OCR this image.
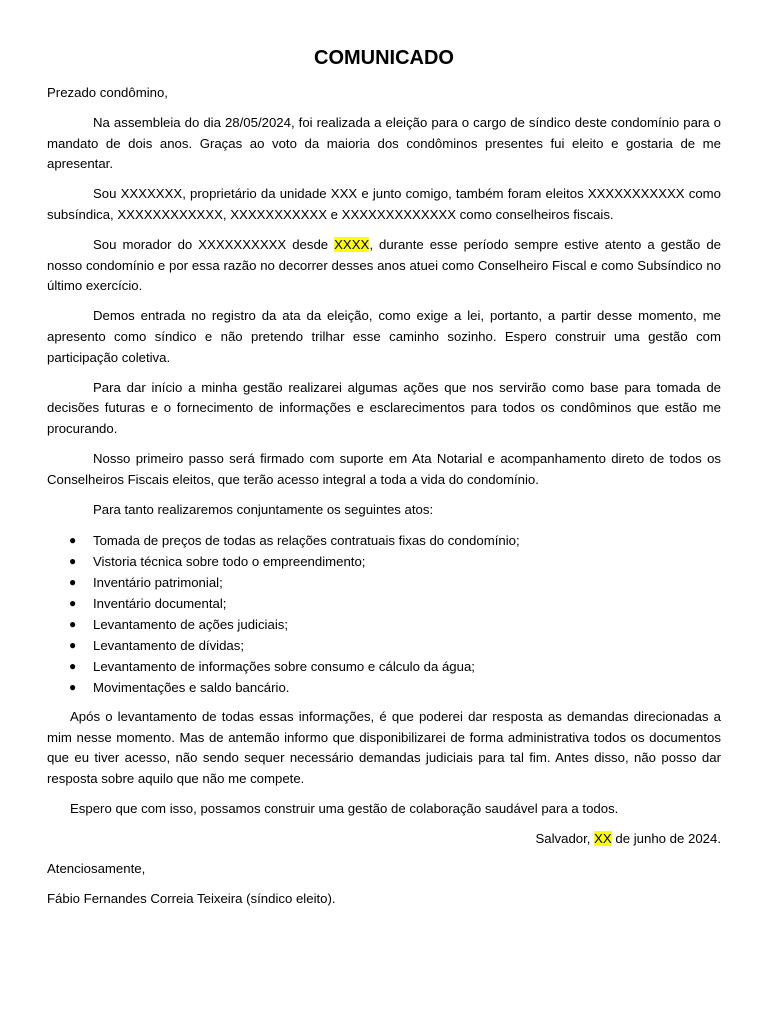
COMUNICADO

Prezado condômino,

Na assembleia do dia 28/05/2024, foi realizada a eleição para o cargo de síndico deste condomínio para o mandato de dois anos. Graças ao voto da maioria dos condôminos presentes fui eleito e gostaria de me apresentar.

Sou XXXXXXX, proprietário da unidade XXX e junto comigo, também foram eleitos XXXXXXXXXXX como subsíndica, XXXXXXXXXXXX, XXXXXXXXXXX e XXXXXXXXXXXXX como conselheiros fiscais.

Sou morador do XXXXXXXXXX desde XXXX, durante esse período sempre estive atento a gestão de nosso condomínio e por essa razão no decorrer desses anos atuei como Conselheiro Fiscal e como Subsíndico no último exercício.

Demos entrada no registro da ata da eleição, como exige a lei, portanto, a partir desse momento, me apresento como síndico e não pretendo trilhar esse caminho sozinho. Espero construir uma gestão com participação coletiva.

Para dar início a minha gestão realizarei algumas ações que nos servirão como base para tomada de decisões futuras e o fornecimento de informações e esclarecimentos para todos os condôminos que estão me procurando.

Nosso primeiro passo será firmado com suporte em Ata Notarial e acompanhamento direto de todos os Conselheiros Fiscais eleitos, que terão acesso integral a toda a vida do condomínio.

Para tanto realizaremos conjuntamente os seguintes atos:

● Tomada de preços de todas as relações contratuais fixas do condomínio;
● Vistoria técnica sobre todo o empreendimento;
● Inventário patrimonial;
● Inventário documental;
● Levantamento de ações judiciais;
● Levantamento de dívidas;
● Levantamento de informações sobre consumo e cálculo da água;
● Movimentações e saldo bancário.

Após o levantamento de todas essas informações, é que poderei dar resposta as demandas direcionadas a mim nesse momento. Mas de antemão informo que disponibilizarei de forma administrativa todos os documentos que eu tiver acesso, não sendo sequer necessário demandas judiciais para tal fim. Antes disso, não posso dar resposta sobre aquilo que não me compete.

Espero que com isso, possamos construir uma gestão de colaboração saudável para a todos.

Salvador, XX de junho de 2024.

Atenciosamente,

Fábio Fernandes Correia Teixeira (síndico eleito).
